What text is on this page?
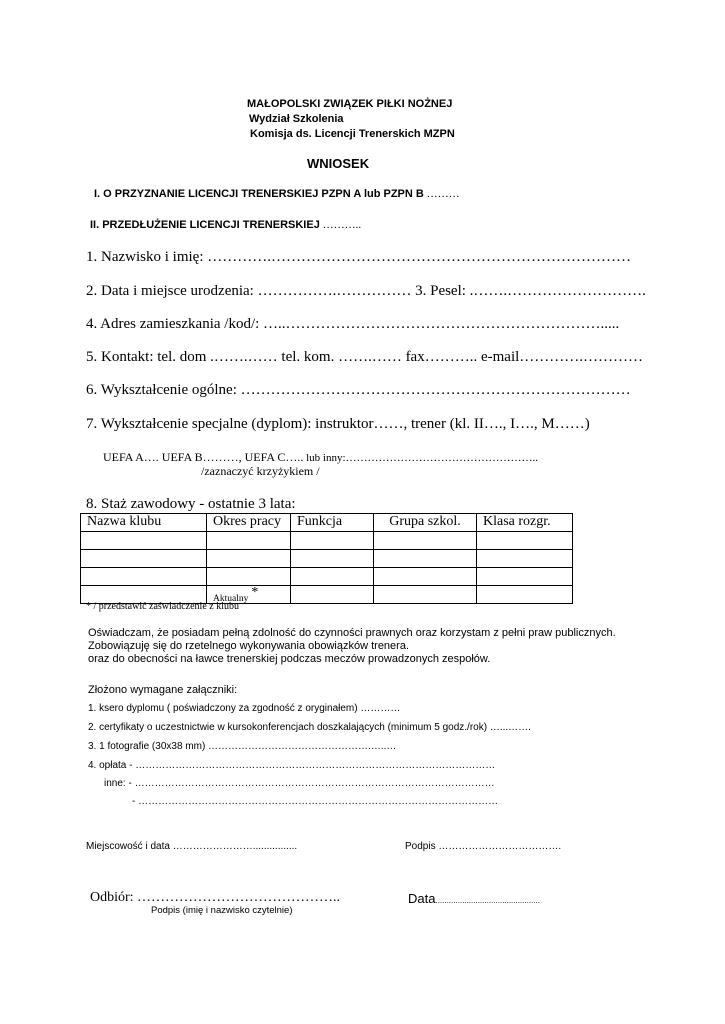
MAŁOPOLSKI ZWIĄZEK PIŁKI NOŻNEJ
Wydział Szkolenia
Komisja ds. Licencji Trenerskich MZPN
WNIOSEK
I. O PRZYZNANIE LICENCJI TRENERSKIEJ PZPN A lub PZPN B ………
II. PRZEDŁUŻENIE LICENCJI TRENERSKIEJ ………..
1. Nazwisko i imię: ………….………………………………………………………………
2. Data i miejsce urodzenia: …………….…………… 3. Pesel: .…….……………………….
4. Adres zamieszkania /kod/: …..……………………………………………………….....
5. Kontakt: tel. dom .…….…… tel. kom. …….…… fax……….. e-mail………….…………
6. Wykształcenie ogólne: ……………………………………………………………………
7. Wykształcenie specjalne (dyplom): instruktor……, trener (kl. II…., I…., M……)
UEFA A…. UEFA B………, UEFA C….. lub inny:……………………………………………..
/zaznaczyć krzyżykiem /
8. Staż zawodowy - ostatnie 3 lata:
Nazwa klubu	Okres pracy	Funkcja	Grupa szkol.	Klasa rozgr.

	$_{Aktualny}$ *			
* / przedstawić zaświadczenie z klubu
Oświadczam, że posiadam pełną zdolność do czynności prawnych oraz korzystam z pełni praw publicznych.
Zobowiązuję się do rzetelnego wykonywania obowiązków trenera.
oraz do obecności na ławce trenerskiej podczas meczów prowadzonych zespołów.
Złożono wymagane załączniki:
1. ksero dyplomu ( poświadczony za zgodność z oryginałem) …………
2. certyfikaty o uczestnictwie w kursokonferencjach doszkalających (minimum 5 godz./rok) …...…….
3. 1 fotografie (30x38 mm) ………………………………………….…..…
4. opłata - ………………………………………………………………………………………………
inne: - ………………………………………………………………………………………………
- ………………………………………………………………………………………………
Miejscowość i data ……………………................	Podpis ……………………………….
Odbiór: ……………………………………..
Podpis (imię i nazwisko czytelnie)
Data...............................................
